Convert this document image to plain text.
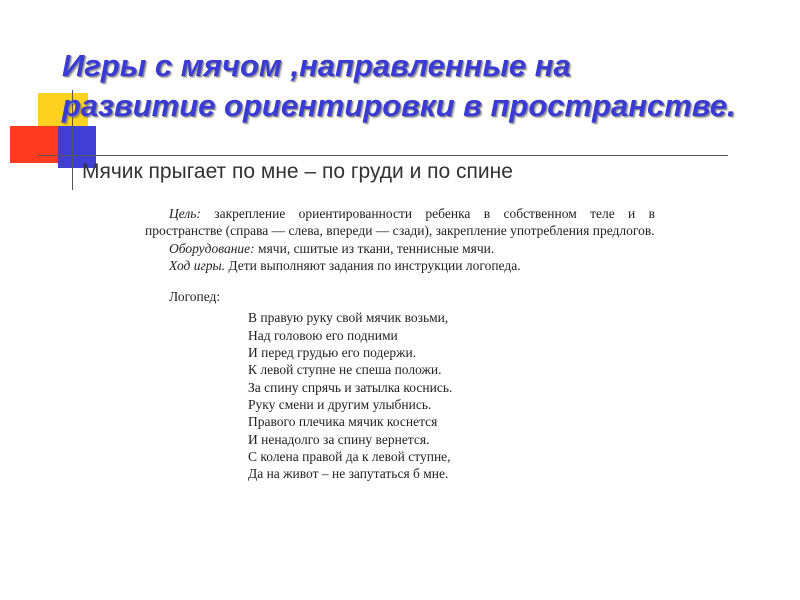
Игры с мячом ,направленные на
развитие ориентировки в пространстве.
Мячик прыгает по мне – по груди и по спине

Цель: закрепление ориентированности ребенка в собственном теле и в пространстве (справа — слева, впереди — сзади), закрепление употребления предлогов.

Оборудование: мячи, сшитые из ткани, теннисные мячи.

Ход игры. Дети выполняют задания по инструкции логопеда.

Логопед:
В правую руку свой мячик возьми,
Над головою его подними
И перед грудью его подержи.
К левой ступне не спеша положи.
За спину спрячь и затылка коснись.
Руку смени и другим улыбнись.
Правого плечика мячик коснется
И ненадолго за спину вернется.
С колена правой да к левой ступне,
Да на живот – не запутаться б мне.
